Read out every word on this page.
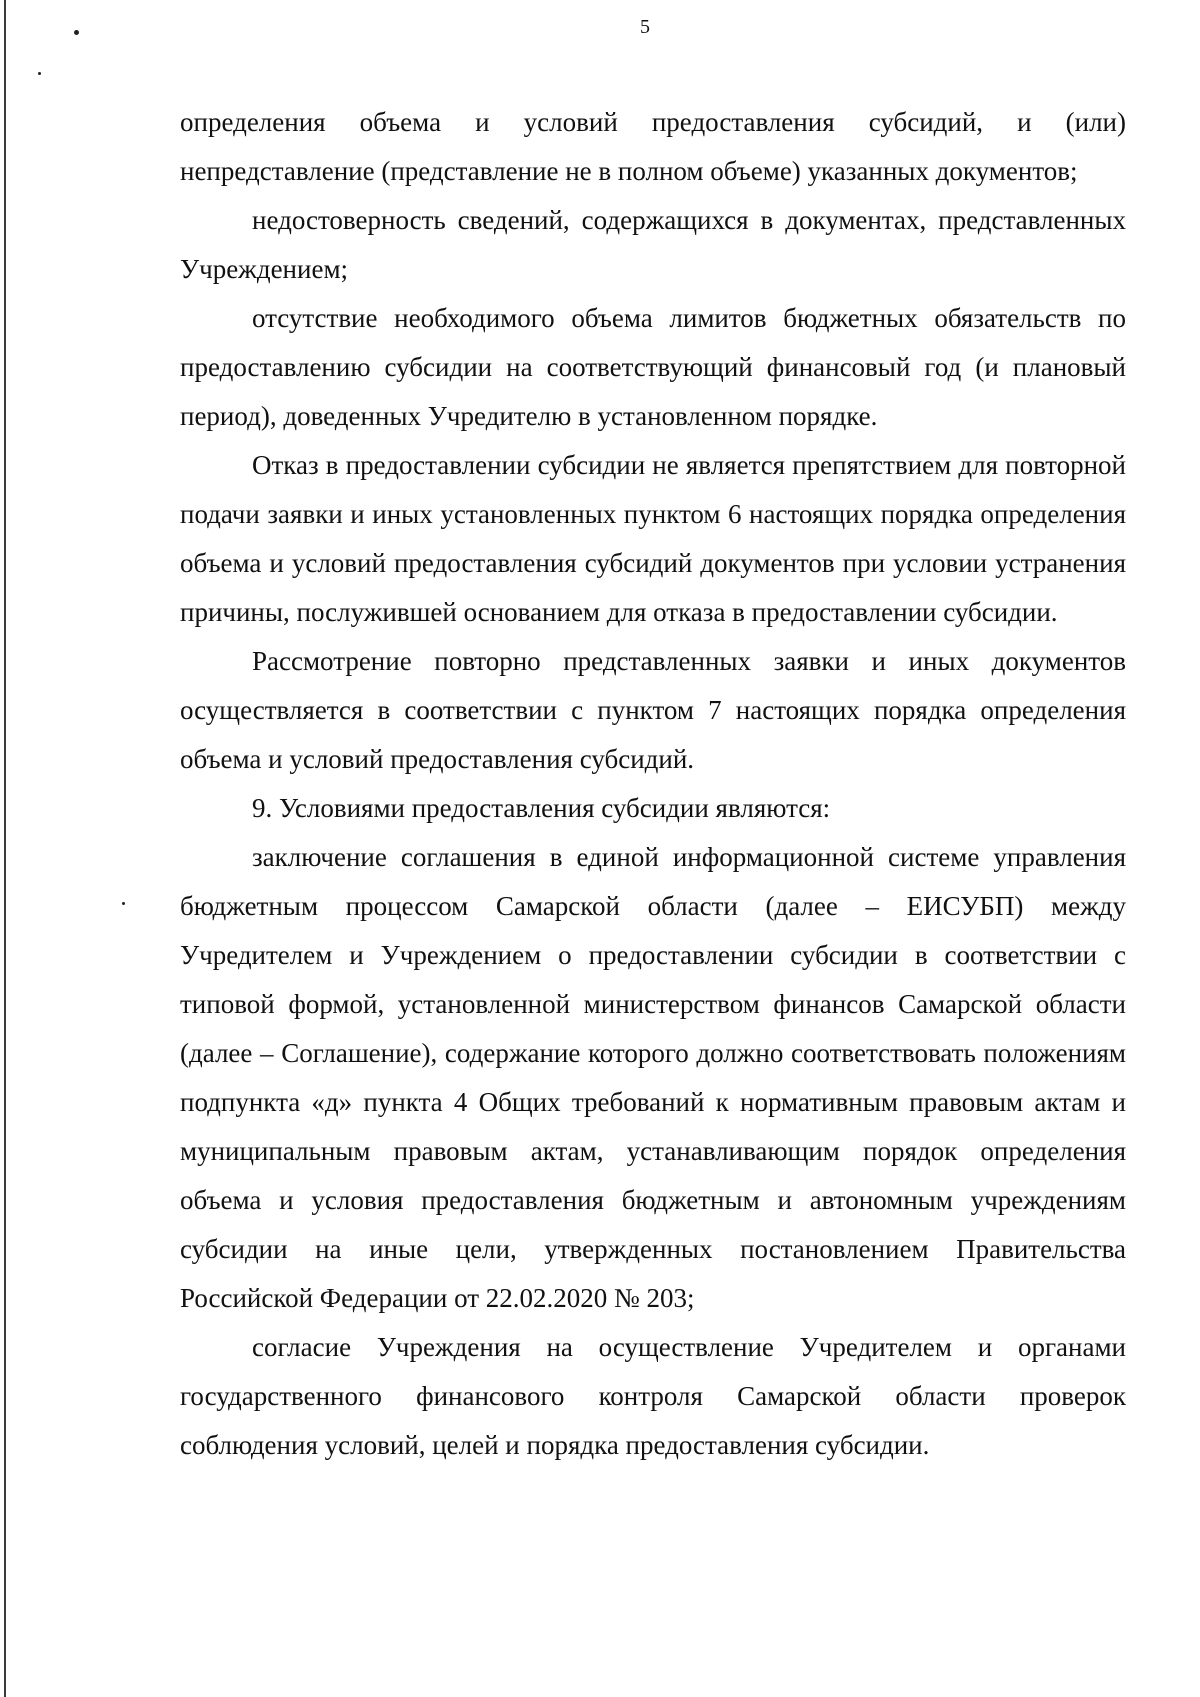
5

определения объема и условий предоставления субсидий, и (или) непредставление (представление не в полном объеме) указанных документов;

недостоверность сведений, содержащихся в документах, представленных Учреждением;

отсутствие необходимого объема лимитов бюджетных обязательств по предоставлению субсидии на соответствующий финансовый год (и плановый период), доведенных Учредителю в установленном порядке.

Отказ в предоставлении субсидии не является препятствием для повторной подачи заявки и иных установленных пунктом 6 настоящих порядка определения объема и условий предоставления субсидий документов при условии устранения причины, послужившей основанием для отказа в предоставлении субсидии.

Рассмотрение повторно представленных заявки и иных документов осуществляется в соответствии с пунктом 7 настоящих порядка определения объема и условий предоставления субсидий.

9. Условиями предоставления субсидии являются:

заключение соглашения в единой информационной системе управления бюджетным процессом Самарской области (далее – ЕИСУБП) между Учредителем и Учреждением о предоставлении субсидии в соответствии с типовой формой, установленной министерством финансов Самарской области (далее – Соглашение), содержание которого должно соответствовать положениям подпункта «д» пункта 4 Общих требований к нормативным правовым актам и муниципальным правовым актам, устанавливающим порядок определения объема и условия предоставления бюджетным и автономным учреждениям субсидии на иные цели, утвержденных постановлением Правительства Российской Федерации от 22.02.2020 № 203;

согласие Учреждения на осуществление Учредителем и органами государственного финансового контроля Самарской области проверок соблюдения условий, целей и порядка предоставления субсидии.
